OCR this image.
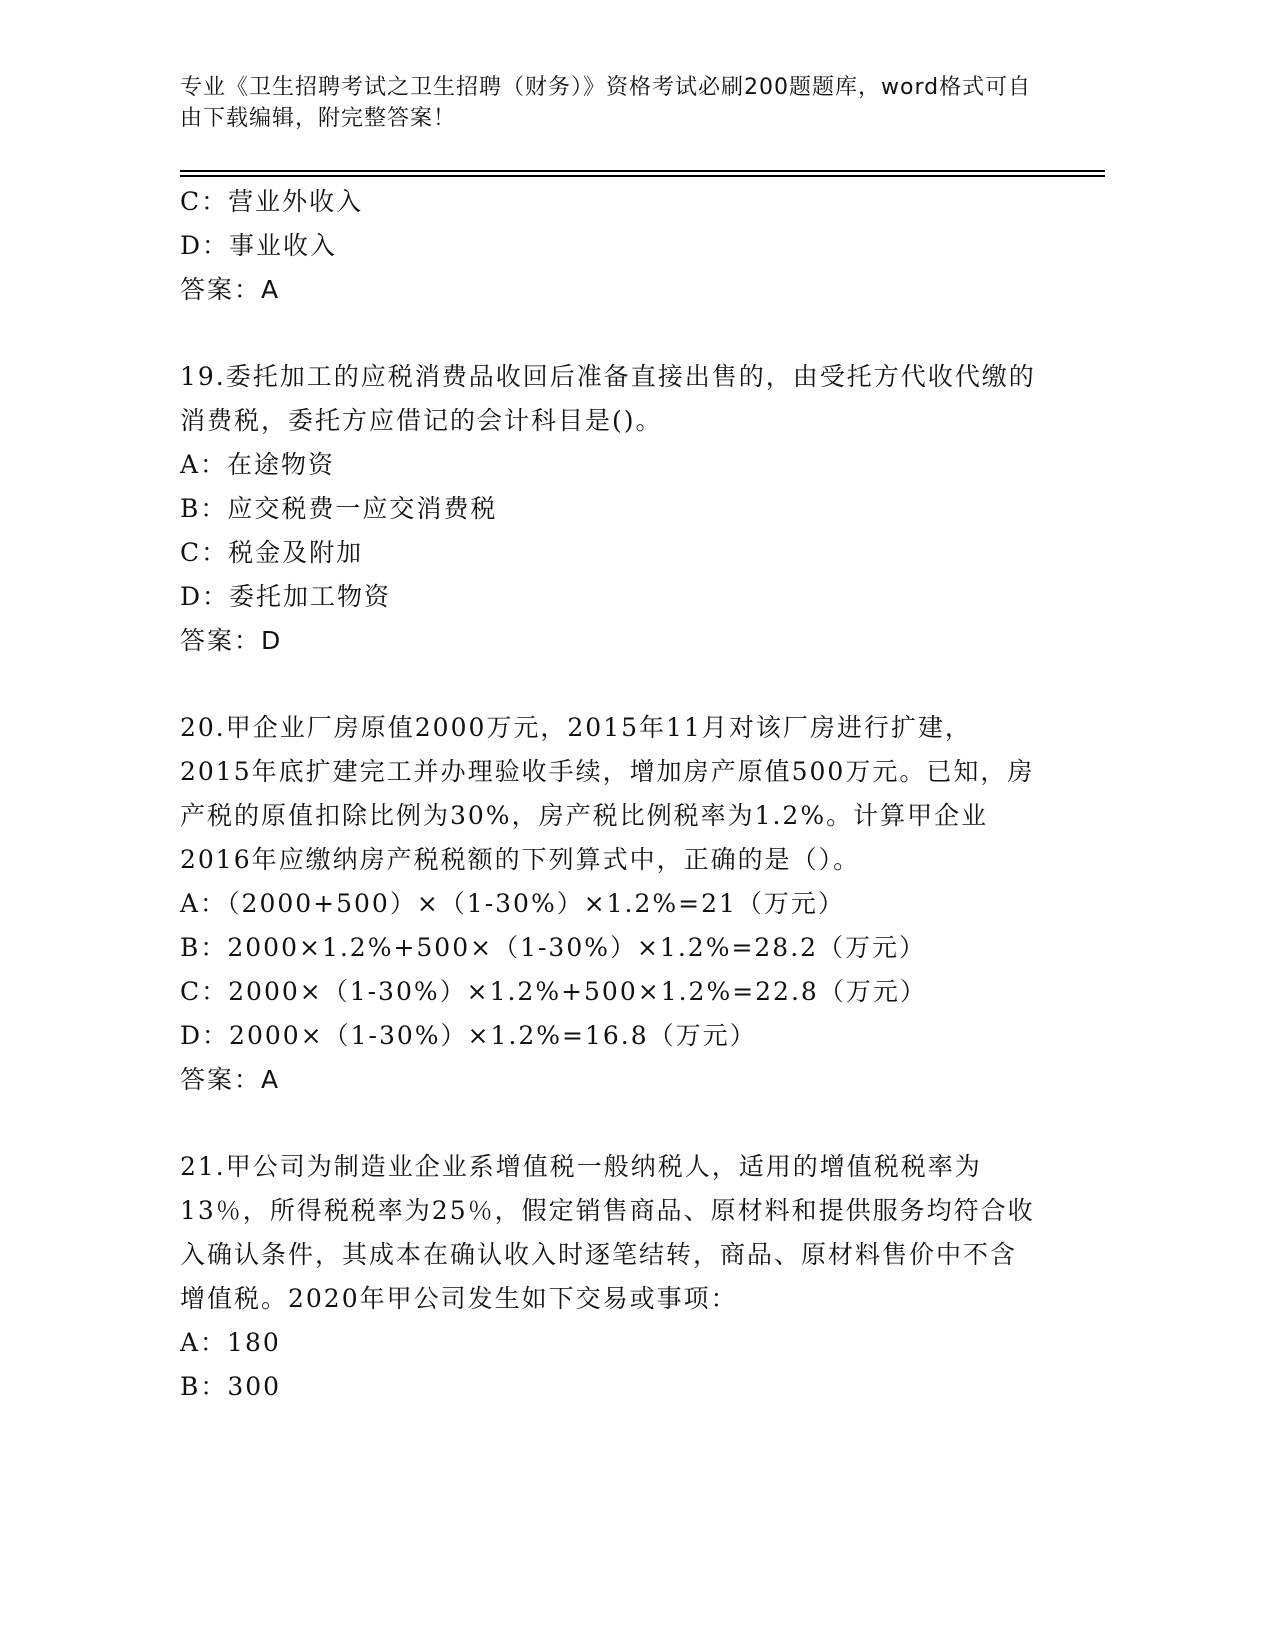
专业《卫生招聘考试之卫生招聘（财务）》资格考试必刷200题题库，word格式可自由下载编辑，附完整答案！
C：营业外收入
D：事业收入
答案：A
19.委托加工的应税消费品收回后准备直接出售的，由受托方代收代缴的消费税，委托方应借记的会计科目是()。
A：在途物资
B：应交税费一应交消费税
C：税金及附加
D：委托加工物资
答案：D
20.甲企业厂房原值2000万元，2015年11月对该厂房进行扩建，2015年底扩建完工并办理验收手续，增加房产原值500万元。已知，房产税的原值扣除比例为30%，房产税比例税率为1.2%。计算甲企业2016年应缴纳房产税税额的下列算式中，正确的是（）。
A：（2000+500）×（1-30%）×1.2%=21（万元）
B：2000×1.2%+500×（1-30%）×1.2%=28.2（万元）
C：2000×（1-30%）×1.2%+500×1.2%=22.8（万元）
D：2000×（1-30%）×1.2%=16.8（万元）
答案：A
21.甲公司为制造业企业系增值税一般纳税人，适用的增值税税率为13％，所得税税率为25％，假定销售商品、原材料和提供服务均符合收入确认条件，其成本在确认收入时逐笔结转，商品、原材料售价中不含增值税。2020年甲公司发生如下交易或事项：
A：180
B：300
